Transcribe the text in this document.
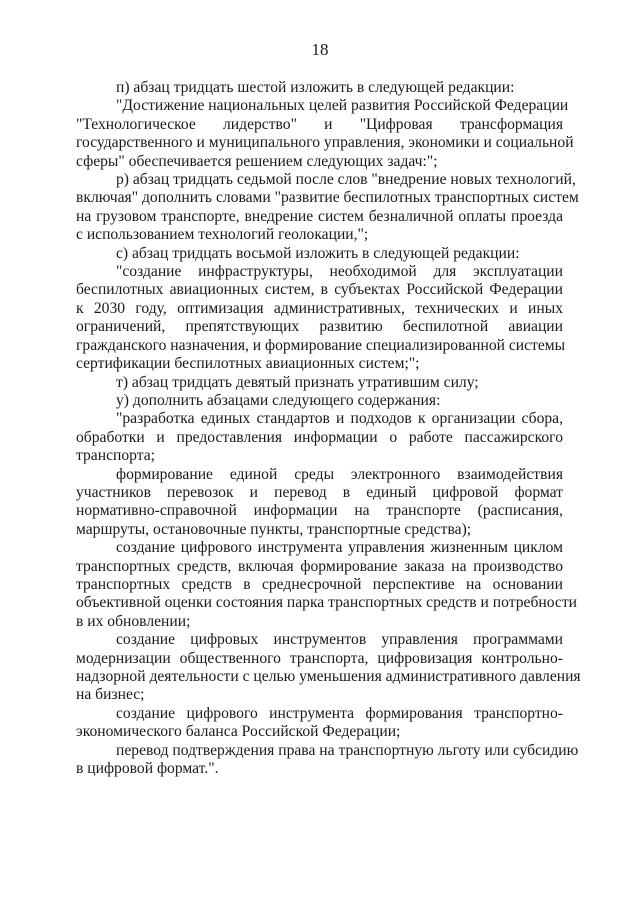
18
п) абзац тридцать шестой изложить в следующей редакции:
"Достижение национальных целей развития Российской Федерации
"Технологическое лидерство" и "Цифровая трансформация
государственного и муниципального управления, экономики и социальной
сферы" обеспечивается решением следующих задач:";
р) абзац тридцать седьмой после слов "внедрение новых технологий,
включая" дополнить словами "развитие беспилотных транспортных систем
на грузовом транспорте, внедрение систем безналичной оплаты проезда
с использованием технологий геолокации,";
с) абзац тридцать восьмой изложить в следующей редакции:
"создание инфраструктуры, необходимой для эксплуатации
беспилотных авиационных систем, в субъектах Российской Федерации
к 2030 году, оптимизация административных, технических и иных
ограничений, препятствующих развитию беспилотной авиации
гражданского назначения, и формирование специализированной системы
сертификации беспилотных авиационных систем;";
т) абзац тридцать девятый признать утратившим силу;
у) дополнить абзацами следующего содержания:
"разработка единых стандартов и подходов к организации сбора,
обработки и предоставления информации о работе пассажирского
транспорта;
формирование единой среды электронного взаимодействия
участников перевозок и перевод в единый цифровой формат
нормативно-справочной информации на транспорте (расписания,
маршруты, остановочные пункты, транспортные средства);
создание цифрового инструмента управления жизненным циклом
транспортных средств, включая формирование заказа на производство
транспортных средств в среднесрочной перспективе на основании
объективной оценки состояния парка транспортных средств и потребности
в их обновлении;
создание цифровых инструментов управления программами
модернизации общественного транспорта, цифровизация контрольно-
надзорной деятельности с целью уменьшения административного давления
на бизнес;
создание цифрового инструмента формирования транспортно-
экономического баланса Российской Федерации;
перевод подтверждения права на транспортную льготу или субсидию
в цифровой формат.".
